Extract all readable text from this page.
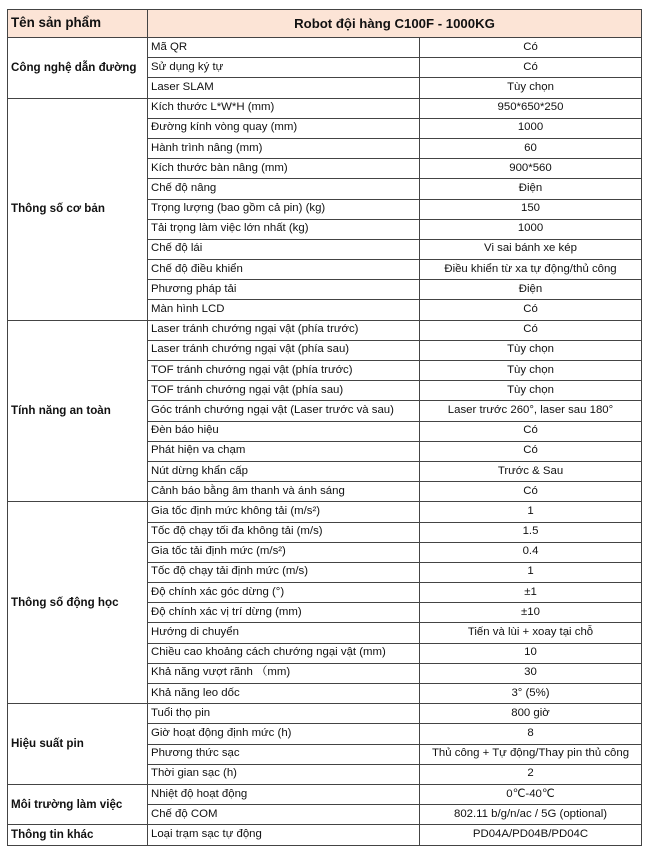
Tên sản phẩm	Robot đội hàng C100F - 1000KG	
Công nghệ dẫn đường	Mã QR	Có
	Sử dụng ký tự	Có
	Laser SLAM	Tùy chọn
Thông số cơ bản	Kích thước L*W*H (mm)	950*650*250
	Đường kính vòng quay (mm)	1000
	Hành trình nâng (mm)	60
	Kích thước bàn nâng (mm)	900*560
	Chế độ nâng	Điện
	Trọng lượng (bao gồm cả pin) (kg)	150
	Tải trọng làm việc lớn nhất (kg)	1000
	Chế độ lái	Vi sai bánh xe kép
	Chế độ điều khiển	Điều khiển từ xa tự động/thủ công
	Phương pháp tải	Điện
	Màn hình LCD	Có
Tính năng an toàn	Laser tránh chướng ngại vật (phía trước)	Có
	Laser tránh chướng ngại vật (phía sau)	Tùy chọn
	TOF tránh chướng ngại vật (phía trước)	Tùy chọn
	TOF tránh chướng ngại vật (phía sau)	Tùy chọn
	Góc tránh chướng ngại vật (Laser trước và sau)	Laser trước 260°, laser sau 180°
	Đèn báo hiệu	Có
	Phát hiện va chạm	Có
	Nút dừng khẩn cấp	Trước & Sau
	Cảnh báo bằng âm thanh và ánh sáng	Có
Thông số động học	Gia tốc định mức không tải (m/s²)	1
	Tốc độ chạy tối đa không tải (m/s)	1.5
	Gia tốc tải định mức (m/s²)	0.4
	Tốc độ chạy tải định mức (m/s)	1
	Độ chính xác góc dừng (°)	±1
	Độ chính xác vị trí dừng (mm)	±10
	Hướng di chuyển	Tiến và lùi + xoay tại chỗ
	Chiều cao khoảng cách chướng ngại vật (mm)	10
	Khả năng vượt rãnh （mm)	30
	Khả năng leo dốc	3° (5%)
Hiệu suất pin	Tuổi thọ pin	800 giờ
	Giờ hoạt động định mức (h)	8
	Phương thức sạc	Thủ công + Tự động/Thay pin thủ công
	Thời gian sạc (h)	2
Môi trường làm việc	Nhiệt độ hoạt động	0℃-40℃
	Chế độ COM	802.11 b/g/n/ac / 5G (optional)
Thông tin khác	Loại trạm sạc tự động	PD04A/PD04B/PD04C
